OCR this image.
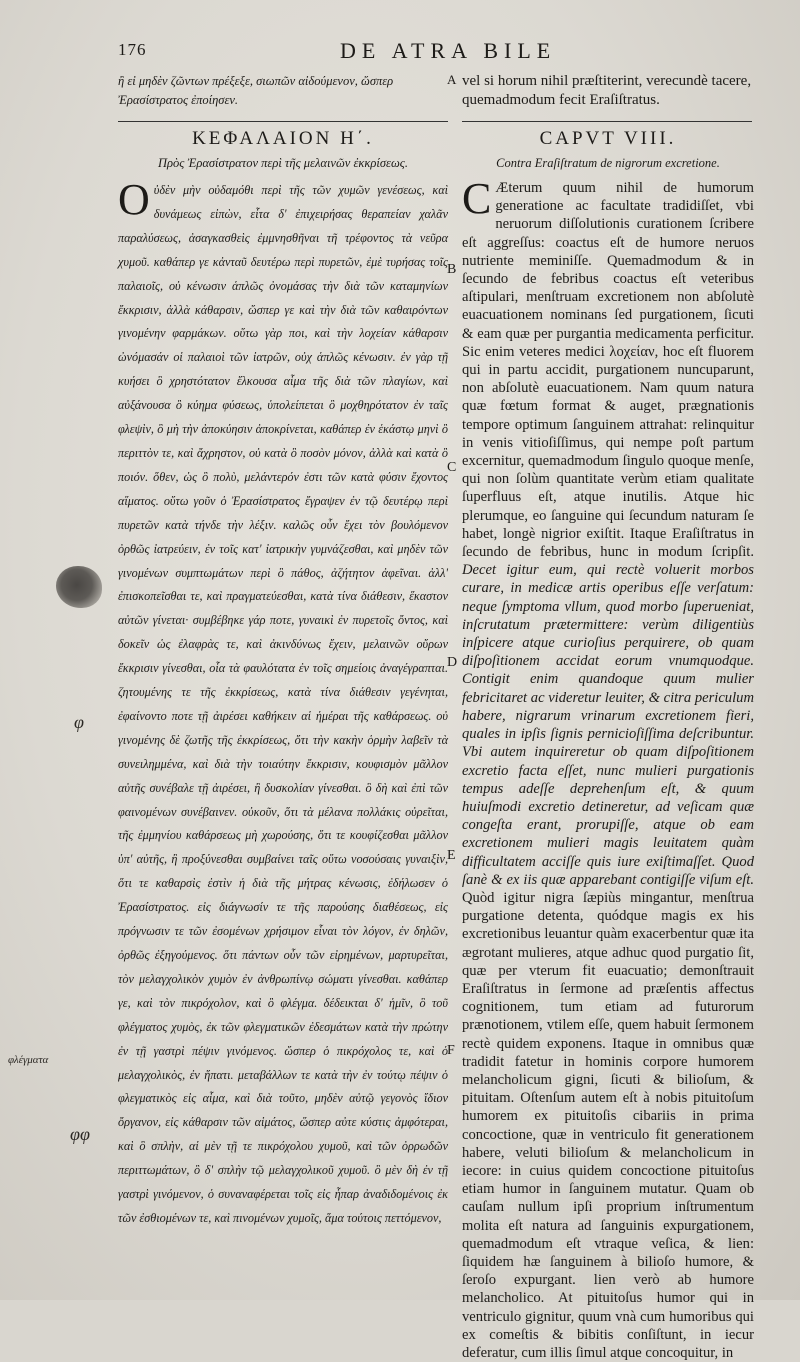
176	DE ATRA BILE
ἢ εἰ μηδὲν ζῶντων πρέξεξε, σιωπῶν αἰδούμενον, ὥσπερ Ἐρασίστρατος ἐποίησεν.
A vel si horum nihil præſtiterint, verecundè tacere, quemadmodum fecit Eraſiſtratus.
ΚΕΦΑΛΑΙΟΝ Η΄.
Πρὸς Ἐρασίστρατον περὶ τῆς μελαινῶν ἐκκρίσεως.
O ὐδὲν μὴν οὐδαμόθι περὶ τῆς τῶν χυμῶν γενέσεως, καὶ δυνάμεως εἰπὼν, εἶτα δ' ἐπιχειρήσας θεραπείαν χαλᾶν παραλύσεως, ἀσαγκασθεὶς ἐμμνησθῆναι τῆ τρέφοντος τὰ νεῦρα χυμοῦ. καθάπερ γε κἀνταῦ δευτέρω περὶ πυρετῶν, ἐμὲ τυρήσας τοῖς παλαιοῖς, οὐ κένωσιν ἁπλῶς ὀνομάσας τὴν διὰ τῶν καταμηνίων ἔκκρισιν, ἀλλὰ κάθαρσιν, ὥσπερ γε καὶ τὴν διὰ τῶν καθαιρόντων γινομένην φαρμάκων. οὕτω γὰρ ποι, καὶ τὴν λοχείαν κάθαρσιν ὠνόμασάν οἱ παλαιοὶ τῶν ἰατρῶν, οὐχ ἁπλῶς κένωσιν. ἐν γὰρ τῇ κυήσει ὃ χρηστότατον ἕλκουσα αἷμα τῆς διὰ τῶν πλαγίων, καὶ αὐξάνουσα ὃ κύημα φύσεως, ὑπολείπεται ὃ μοχθηρότατον ἐν ταῖς φλεψὶν, ὃ μὴ τὴν ἀποκύησιν ἀποκρίνεται, καθάπερ ἐν ἑκάστῳ μηνὶ ὃ περιττὸν τε, καὶ ἄχρηστον, οὐ κατὰ ὃ ποσὸν μόνον, ἀλλὰ καὶ κατὰ ὃ ποιόν. ὅθεν, ὡς ὃ πολὺ, μελάντερόν ἐστι τῶν κατὰ φύσιν ἔχοντος αἵματος. οὕτω γοῦν ὁ Ἐρασίστρατος ἔγραψεν ἐν τῷ δευτέρῳ περὶ πυρετῶν κατὰ τήνδε τὴν λέξιν. καλῶς οὖν ἔχει τὸν βουλόμενον ὀρθῶς ἰατρεύειν, ἐν τοῖς κατ' ἰατρικὴν γυμνάζεσθαι, καὶ μηδὲν τῶν γινομένων συμπτωμάτων περὶ ὃ πάθος, ἀζήτητον ἀφεῖναι. ἀλλ' ἐπισκοπεῖσθαι τε, καὶ πραγματεύεσθαι, κατὰ τίνα διάθεσιν, ἕκαστον αὐτῶν γίνεται· συμβέβηκε γάρ ποτε, γυναικὶ ἐν πυρετοῖς ὄντος, καὶ δοκεῖν ὡς ἐλαφρὰς τε, καὶ ἀκινδύνως ἔχειν, μελαινῶν οὔρων ἔκκρισιν γίνεσθαι, οἷα τὰ φαυλότατα ἐν τοῖς σημείοις ἀναγέγραπται. ζητουμένης τε τῆς ἐκκρίσεως, κατὰ τίνα διάθεσιν γεγένηται, ἐφαίνοντο ποτε τῇ ἀιρέσει καθήκειν αἱ ἡμέραι τῆς καθάρσεως. οὐ γινομένης δὲ ζωτῆς τῆς ἐκκρίσεως, ὅτι τὴν κακὴν ὁρμὴν λαβεῖν τὰ συνειλημμένα, καὶ διὰ τὴν τοιαύτην ἔκκρισιν, κουφισμὸν μᾶλλον αὐτῆς συνέβαλε τῇ ἀιρέσει, ἢ δυσκολίαν γίνεσθαι. ὃ δὴ καὶ ἐπὶ τῶν φαινομένων συνέβαινεν. οὐκοῦν, ὅτι τὰ μέλανα πολλάκις οὐρεῖται, τῆς ἐμμηνίου καθάρσεως μὴ χωρούσης, ὅτι τε κουφίζεσθαι μᾶλλον ὑπ' αὐτῆς, ἢ προξύνεσθαι συμβαίνει ταῖς οὕτω νοσούσαις γυναιξὶν, ὅτι τε καθαρσὶς ἐστὶν ἡ διὰ τῆς μήτρας κένωσις, ἐδήλωσεν ὁ Ἐρασίστρατος. εἰς διάγνωσίν τε τῆς παρούσης διαθέσεως, εἰς πρόγνωσιν τε τῶν ἐσομένων χρήσιμον εἶναι τὸν λόγον, ἐν δηλῶν, ὀρθῶς ἐξηγούμενος. ὅτι πάντων οὖν τῶν εἰρημένων, μαρτυρεῖται, τὸν μελαγχολικὸν χυμὸν ἐν ἀνθρωπίνῳ σώματι γίνεσθαι. καθάπερ γε, καὶ τὸν πικρόχολον, καὶ ὃ φλέγμα. δέδεικται δ' ἡμῖν, ὃ τοῦ φλέγματος χυμὸς, ἐκ τῶν φλεγματικῶν ἐδεσμάτων κατὰ τὴν πρώτην ἐν τῇ γαστρὶ πέψιν γινόμενος. ὥσπερ ὁ πικρόχολος τε, καὶ ὁ μελαγχολικὸς, ἐν ἥπατι. μεταβάλλων τε κατὰ τὴν ἐν τούτῳ πέψιν ὁ φλεγματικὸς εἰς αἷμα, καὶ διὰ τοῦτο, μηδὲν αὐτῷ γεγονὸς ἴδιον ὄργανον, εἰς κάθαρσιν τῶν αἱμάτος, ὥσπερ αὐτε κύστις ἀμφότεραι, καὶ ὃ σπλὴν, αἱ μὲν τῇ τε πικρόχολου χυμοῦ, καὶ τῶν ὀρρωδῶν περιττωμάτων, ὃ δ' σπλὴν τῷ μελαγχολικοῦ χυμοῦ. ὃ μὲν δὴ ἐν τῇ γαστρὶ γινόμενον, ὁ συναναφέρεται τοῖς εἰς ἧπαρ ἀναδιδομένοις ἐκ τῶν ἐσθιομένων τε, καὶ πινομένων χυμοῖς, ἅμα τούτοις πεττόμενον,
CAPVT VIII.
Contra Eraſiſtratum de nigrorum excretione.
C Æterum quum nihil de humorum generatione ac facultate tradidiſſet, vbi neruorum diſſolutionis curationem ſcribere eſt aggreſſus: coactus eſt de humore neruos nutriente meminiſſe. Quemadmodum & in ſecundo de febribus coactus eſt veteribus aſtipulari, menſtruam excretionem non abſolutè euacuationem nominans ſed purgationem, ſicuti & eam quæ per purgantia medicamenta perficitur. Sic enim veteres medici λοχείαν, hoc eſt fluorem qui in partu accidit, purgationem nuncuparunt, non abſolutè euacuationem. Nam quum natura quæ fœtum format & auget, prægnationis tempore optimum ſanguinem attrahat: relinquitur in venis vitioſiſſimus, qui nempe poſt partum excernitur, quemadmodum ſingulo quoque menſe, qui non ſolùm quantitate verùm etiam qualitate ſuperfluus eſt, atque inutilis. Atque hic plerumque, eo ſanguine qui ſecundum naturam ſe habet, longè nigrior exiſtit. Itaque Eraſiſtratus in ſecundo de febribus, hunc in modum ſcripſit. Decet igitur eum, qui rectè voluerit morbos curare, in medicæ artis operibus eſſe verſatum: neque ſymptoma vllum, quod morbo ſuperueniat, inſcrutatum prætermittere: verùm diligentiùs inſpicere atque curioſius perquirere, ob quam diſpoſitionem accidat eorum vnumquodque. Contigit enim quandoque quum mulier febricitaret ac videretur leuiter, & citra periculum habere, nigrarum vrinarum excretionem fieri, quales in ipſis ſignis pernicioſiſſima deſcribuntur. Vbi autem inquireretur ob quam diſpoſitionem excretio facta eſſet, nunc mulieri purgationis tempus adeſſe deprehenſum eſt, & quum huiuſmodi excretio detineretur, ad veſicam quæ congeſta erant, prorupiſſe, atque ob eam excretionem mulieri magis leuitatem quàm difficultatem acciſſe quis iure exiſtimaſſet. Quod ſanè & ex iis quæ apparebant contigiſſe viſum eſt. Quòd igitur nigra ſæpiùs mingantur, menſtrua purgatione detenta, quódque magis ex his excretionibus leuantur quàm exacerbentur quæ ita ægrotant mulieres, atque adhuc quod purgatio ſit, quæ per vterum fit euacuatio; demonſtrauit Eraſiſtratus in ſermone ad præſentis affectus cognitionem, tum etiam ad futurorum prænotionem, vtilem eſſe, quem habuit ſermonem rectè quidem exponens. Itaque in omnibus quæ tradidit fatetur in hominis corpore humorem melancholicum gigni, ſicuti & bilioſum, & pituitam. Oſtenſum autem eſt à nobis pituitoſum humorem ex pituitoſis cibariis in prima concoctione, quæ in ventriculo fit generationem habere, veluti bilioſum & melancholicum in iecore: in cuius quidem concoctione pituitoſus etiam humor in ſanguinem mutatur. Quam ob cauſam nullum ipſi proprium inſtrumentum molita eſt natura ad ſanguinis expurgationem, quemadmodum eſt vtraque veſica, & lien: ſiquidem hæ ſanguinem à bilioſo humore, & ſeroſo expurgant. lien verò ab humore melancholico. At pituitoſus humor qui in ventriculo gignitur, quum vnà cum humoribus qui ex comeſtis & bibitis conſiſtunt, in iecur deferatur, cum illis ſimul atque concoquitur, in
B
C
D
E
F
φ
φλέγματα
φφ
